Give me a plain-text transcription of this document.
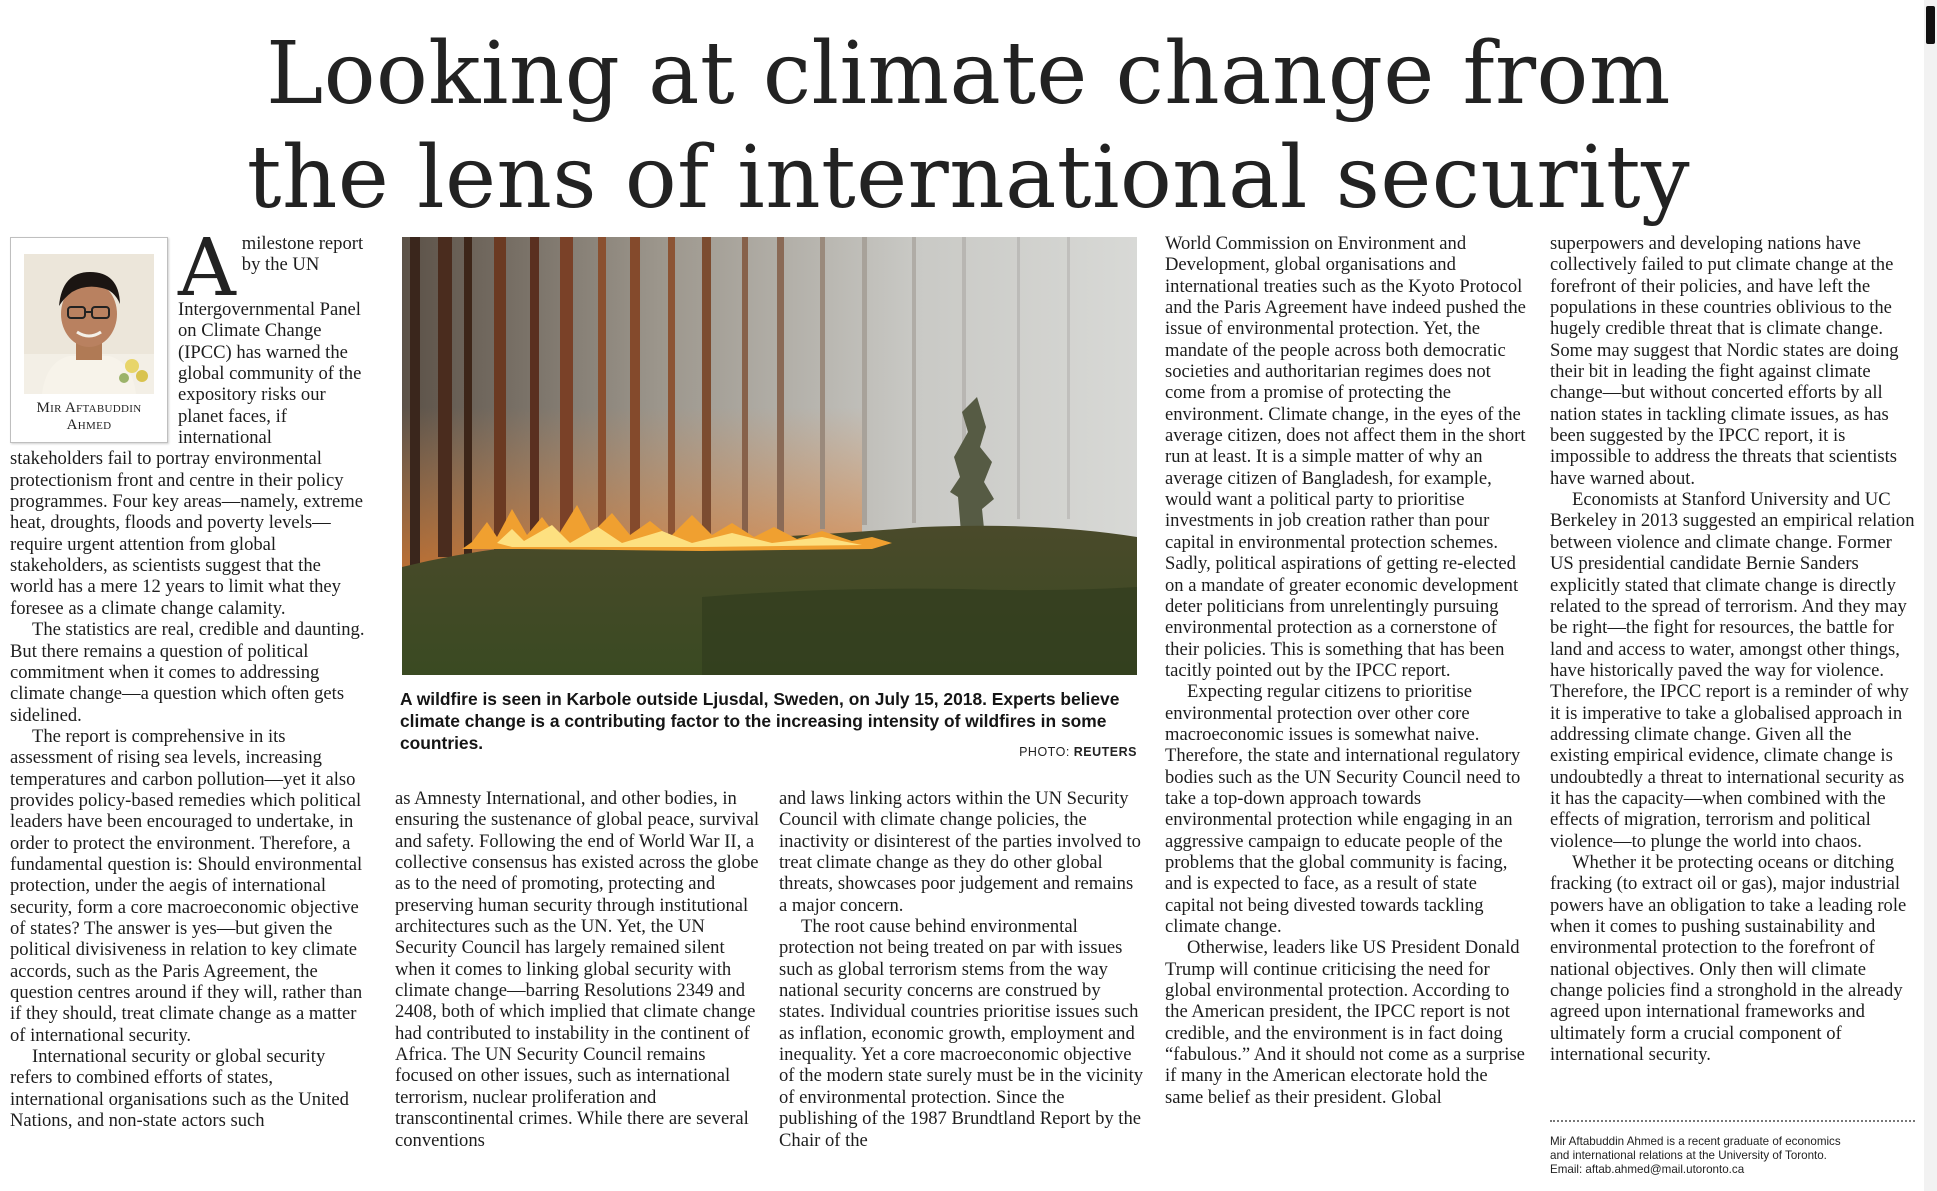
Looking at climate change from
the lens of international security
Mir Aftabuddin
Ahmed
A milestone report by the UN Intergovernmental Panel on Climate Change (IPCC) has warned the global community of the expository risks our planet faces, if international stakeholders fail to portray environmental protectionism front and centre in their policy programmes. Four key areas—namely, extreme heat, droughts, floods and poverty levels—require urgent attention from global stakeholders, as scientists suggest that the world has a mere 12 years to limit what they foresee as a climate change calamity.

The statistics are real, credible and daunting. But there remains a question of political commitment when it comes to addressing climate change—a question which often gets sidelined.

The report is comprehensive in its assessment of rising sea levels, increasing temperatures and carbon pollution—yet it also provides policy-based remedies which political leaders have been encouraged to undertake, in order to protect the environment. Therefore, a fundamental question is: Should environmental protection, under the aegis of international security, form a core macroeconomic objective of states? The answer is yes—but given the political divisiveness in relation to key climate accords, such as the Paris Agreement, the question centres around if they will, rather than if they should, treat climate change as a matter of international security.

International security or global security refers to combined efforts of states, international organisations such as the United Nations, and non-state actors such

A wildfire is seen in Karbole outside Ljusdal, Sweden, on July 15, 2018. Experts believe climate change is a contributing factor to the increasing intensity of wildfires in some countries.	PHOTO: REUTERS

as Amnesty International, and other bodies, in ensuring the sustenance of global peace, survival and safety. Following the end of World War II, a collective consensus has existed across the globe as to the need of promoting, protecting and preserving human security through institutional architectures such as the UN. Yet, the UN Security Council has largely remained silent when it comes to linking global security with climate change—barring Resolutions 2349 and 2408, both of which implied that climate change had contributed to instability in the continent of Africa. The UN Security Council remains focused on other issues, such as international terrorism, nuclear proliferation and transcontinental crimes. While there are several conventions

and laws linking actors within the UN Security Council with climate change policies, the inactivity or disinterest of the parties involved to treat climate change as they do other global threats, showcases poor judgement and remains a major concern.

The root cause behind environmental protection not being treated on par with issues such as global terrorism stems from the way national security concerns are construed by states. Individual countries prioritise issues such as inflation, economic growth, employment and inequality. Yet a core macroeconomic objective of the modern state surely must be in the vicinity of environmental protection. Since the publishing of the 1987 Brundtland Report by the Chair of the

World Commission on Environment and Development, global organisations and international treaties such as the Kyoto Protocol and the Paris Agreement have indeed pushed the issue of environmental protection. Yet, the mandate of the people across both democratic societies and authoritarian regimes does not come from a promise of protecting the environment. Climate change, in the eyes of the average citizen, does not affect them in the short run at least. It is a simple matter of why an average citizen of Bangladesh, for example, would want a political party to prioritise investments in job creation rather than pour capital in environmental protection schemes. Sadly, political aspirations of getting re-elected on a mandate of greater economic development deter politicians from unrelentingly pursuing environmental protection as a cornerstone of their policies. This is something that has been tacitly pointed out by the IPCC report.

Expecting regular citizens to prioritise environmental protection over other core macroeconomic issues is somewhat naive. Therefore, the state and international regulatory bodies such as the UN Security Council need to take a top-down approach towards environmental protection while engaging in an aggressive campaign to educate people of the problems that the global community is facing, and is expected to face, as a result of state capital not being divested towards tackling climate change.

Otherwise, leaders like US President Donald Trump will continue criticising the need for global environmental protection. According to the American president, the IPCC report is not credible, and the environment is in fact doing “fabulous.” And it should not come as a surprise if many in the American electorate hold the same belief as their president. Global

superpowers and developing nations have collectively failed to put climate change at the forefront of their policies, and have left the populations in these countries oblivious to the hugely credible threat that is climate change. Some may suggest that Nordic states are doing their bit in leading the fight against climate change—but without concerted efforts by all nation states in tackling climate issues, as has been suggested by the IPCC report, it is impossible to address the threats that scientists have warned about.

Economists at Stanford University and UC Berkeley in 2013 suggested an empirical relation between violence and climate change. Former US presidential candidate Bernie Sanders explicitly stated that climate change is directly related to the spread of terrorism. And they may be right—the fight for resources, the battle for land and access to water, amongst other things, have historically paved the way for violence. Therefore, the IPCC report is a reminder of why it is imperative to take a globalised approach in addressing climate change. Given all the existing empirical evidence, climate change is undoubtedly a threat to international security as it has the capacity—when combined with the effects of migration, terrorism and political violence—to plunge the world into chaos.

Whether it be protecting oceans or ditching fracking (to extract oil or gas), major industrial powers have an obligation to take a leading role when it comes to pushing sustainability and environmental protection to the forefront of national objectives. Only then will climate change policies find a stronghold in the already agreed upon international frameworks and ultimately form a crucial component of international security.

Mir Aftabuddin Ahmed is a recent graduate of economics
and international relations at the University of Toronto.
Email: aftab.ahmed@mail.utoronto.ca
